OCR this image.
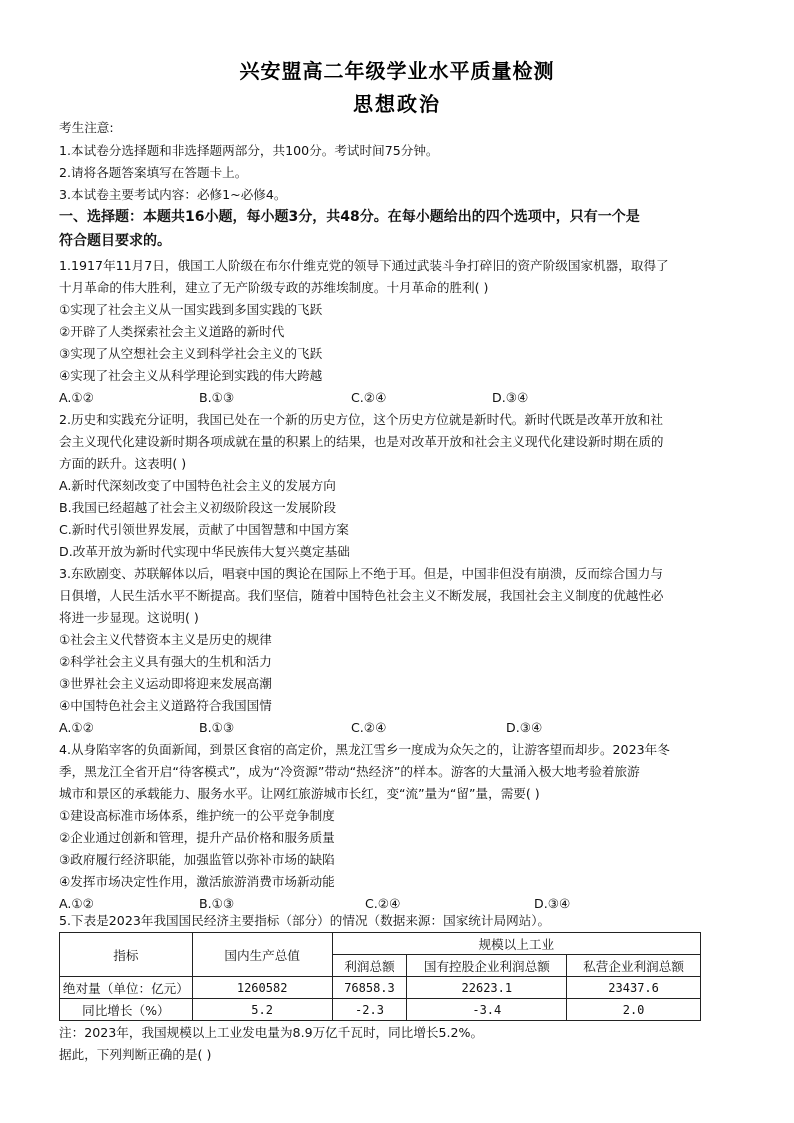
兴安盟高二年级学业水平质量检测
思想政治
考生注意:
1.本试卷分选择题和非选择题两部分，共100分。考试时间75分钟。
2.请将各题答案填写在答题卡上。
3.本试卷主要考试内容：必修1~必修4。
一、选择题：本题共16小题，每小题3分，共48分。在每小题给出的四个选项中，只有一个是
符合题目要求的。
1.1917年11月7日，俄国工人阶级在布尔什维克党的领导下通过武装斗争打碎旧的资产阶级国家机器，取得了
十月革命的伟大胜利，建立了无产阶级专政的苏维埃制度。十月革命的胜利( )
①实现了社会主义从一国实践到多国实践的飞跃
②开辟了人类探索社会主义道路的新时代
③实现了从空想社会主义到科学社会主义的飞跃
④实现了社会主义从科学理论到实践的伟大跨越
A.①②	B.①③	C.②④	D.③④
2.历史和实践充分证明，我国已处在一个新的历史方位，这个历史方位就是新时代。新时代既是改革开放和社
会主义现代化建设新时期各项成就在量的积累上的结果，也是对改革开放和社会主义现代化建设新时期在质的
方面的跃升。这表明( )
A.新时代深刻改变了中国特色社会主义的发展方向
B.我国已经超越了社会主义初级阶段这一发展阶段
C.新时代引领世界发展，贡献了中国智慧和中国方案
D.改革开放为新时代实现中华民族伟大复兴奠定基础
3.东欧剧变、苏联解体以后，唱衰中国的舆论在国际上不绝于耳。但是，中国非但没有崩溃，反而综合国力与
日俱增，人民生活水平不断提高。我们坚信，随着中国特色社会主义不断发展，我国社会主义制度的优越性必
将进一步显现。这说明( )
①社会主义代替资本主义是历史的规律
②科学社会主义具有强大的生机和活力
③世界社会主义运动即将迎来发展高潮
④中国特色社会主义道路符合我国国情
A.①②	B.①③	C.②④	D.③④
4.从身陷宰客的负面新闻，到景区食宿的高定价，黑龙江雪乡一度成为众矢之的，让游客望而却步。2023年冬
季，黑龙江全省开启“待客模式”，成为“冷资源”带动“热经济”的样本。游客的大量涌入极大地考验着旅游
城市和景区的承载能力、服务水平。让网红旅游城市长红，变“流”量为“留”量，需要( )
①建设高标准市场体系，维护统一的公平竞争制度
②企业通过创新和管理，提升产品价格和服务质量
③政府履行经济职能，加强监管以弥补市场的缺陷
④发挥市场决定性作用，激活旅游消费市场新动能
A.①②	B.①③	C.②④	D.③④
5.下表是2023年我国国民经济主要指标（部分）的情况（数据来源：国家统计局网站）。
指标	国内生产总值	规模以上工业		
		利润总额	国有控股企业利润总额	私营企业利润总额
绝对量（单位：亿元）	1260582	76858.3	22623.1	23437.6
同比增长（%）	5.2	-2.3	-3.4	2.0
注：2023年，我国规模以上工业发电量为8.9万亿千瓦时，同比增长5.2%。
据此，下列判断正确的是( )
